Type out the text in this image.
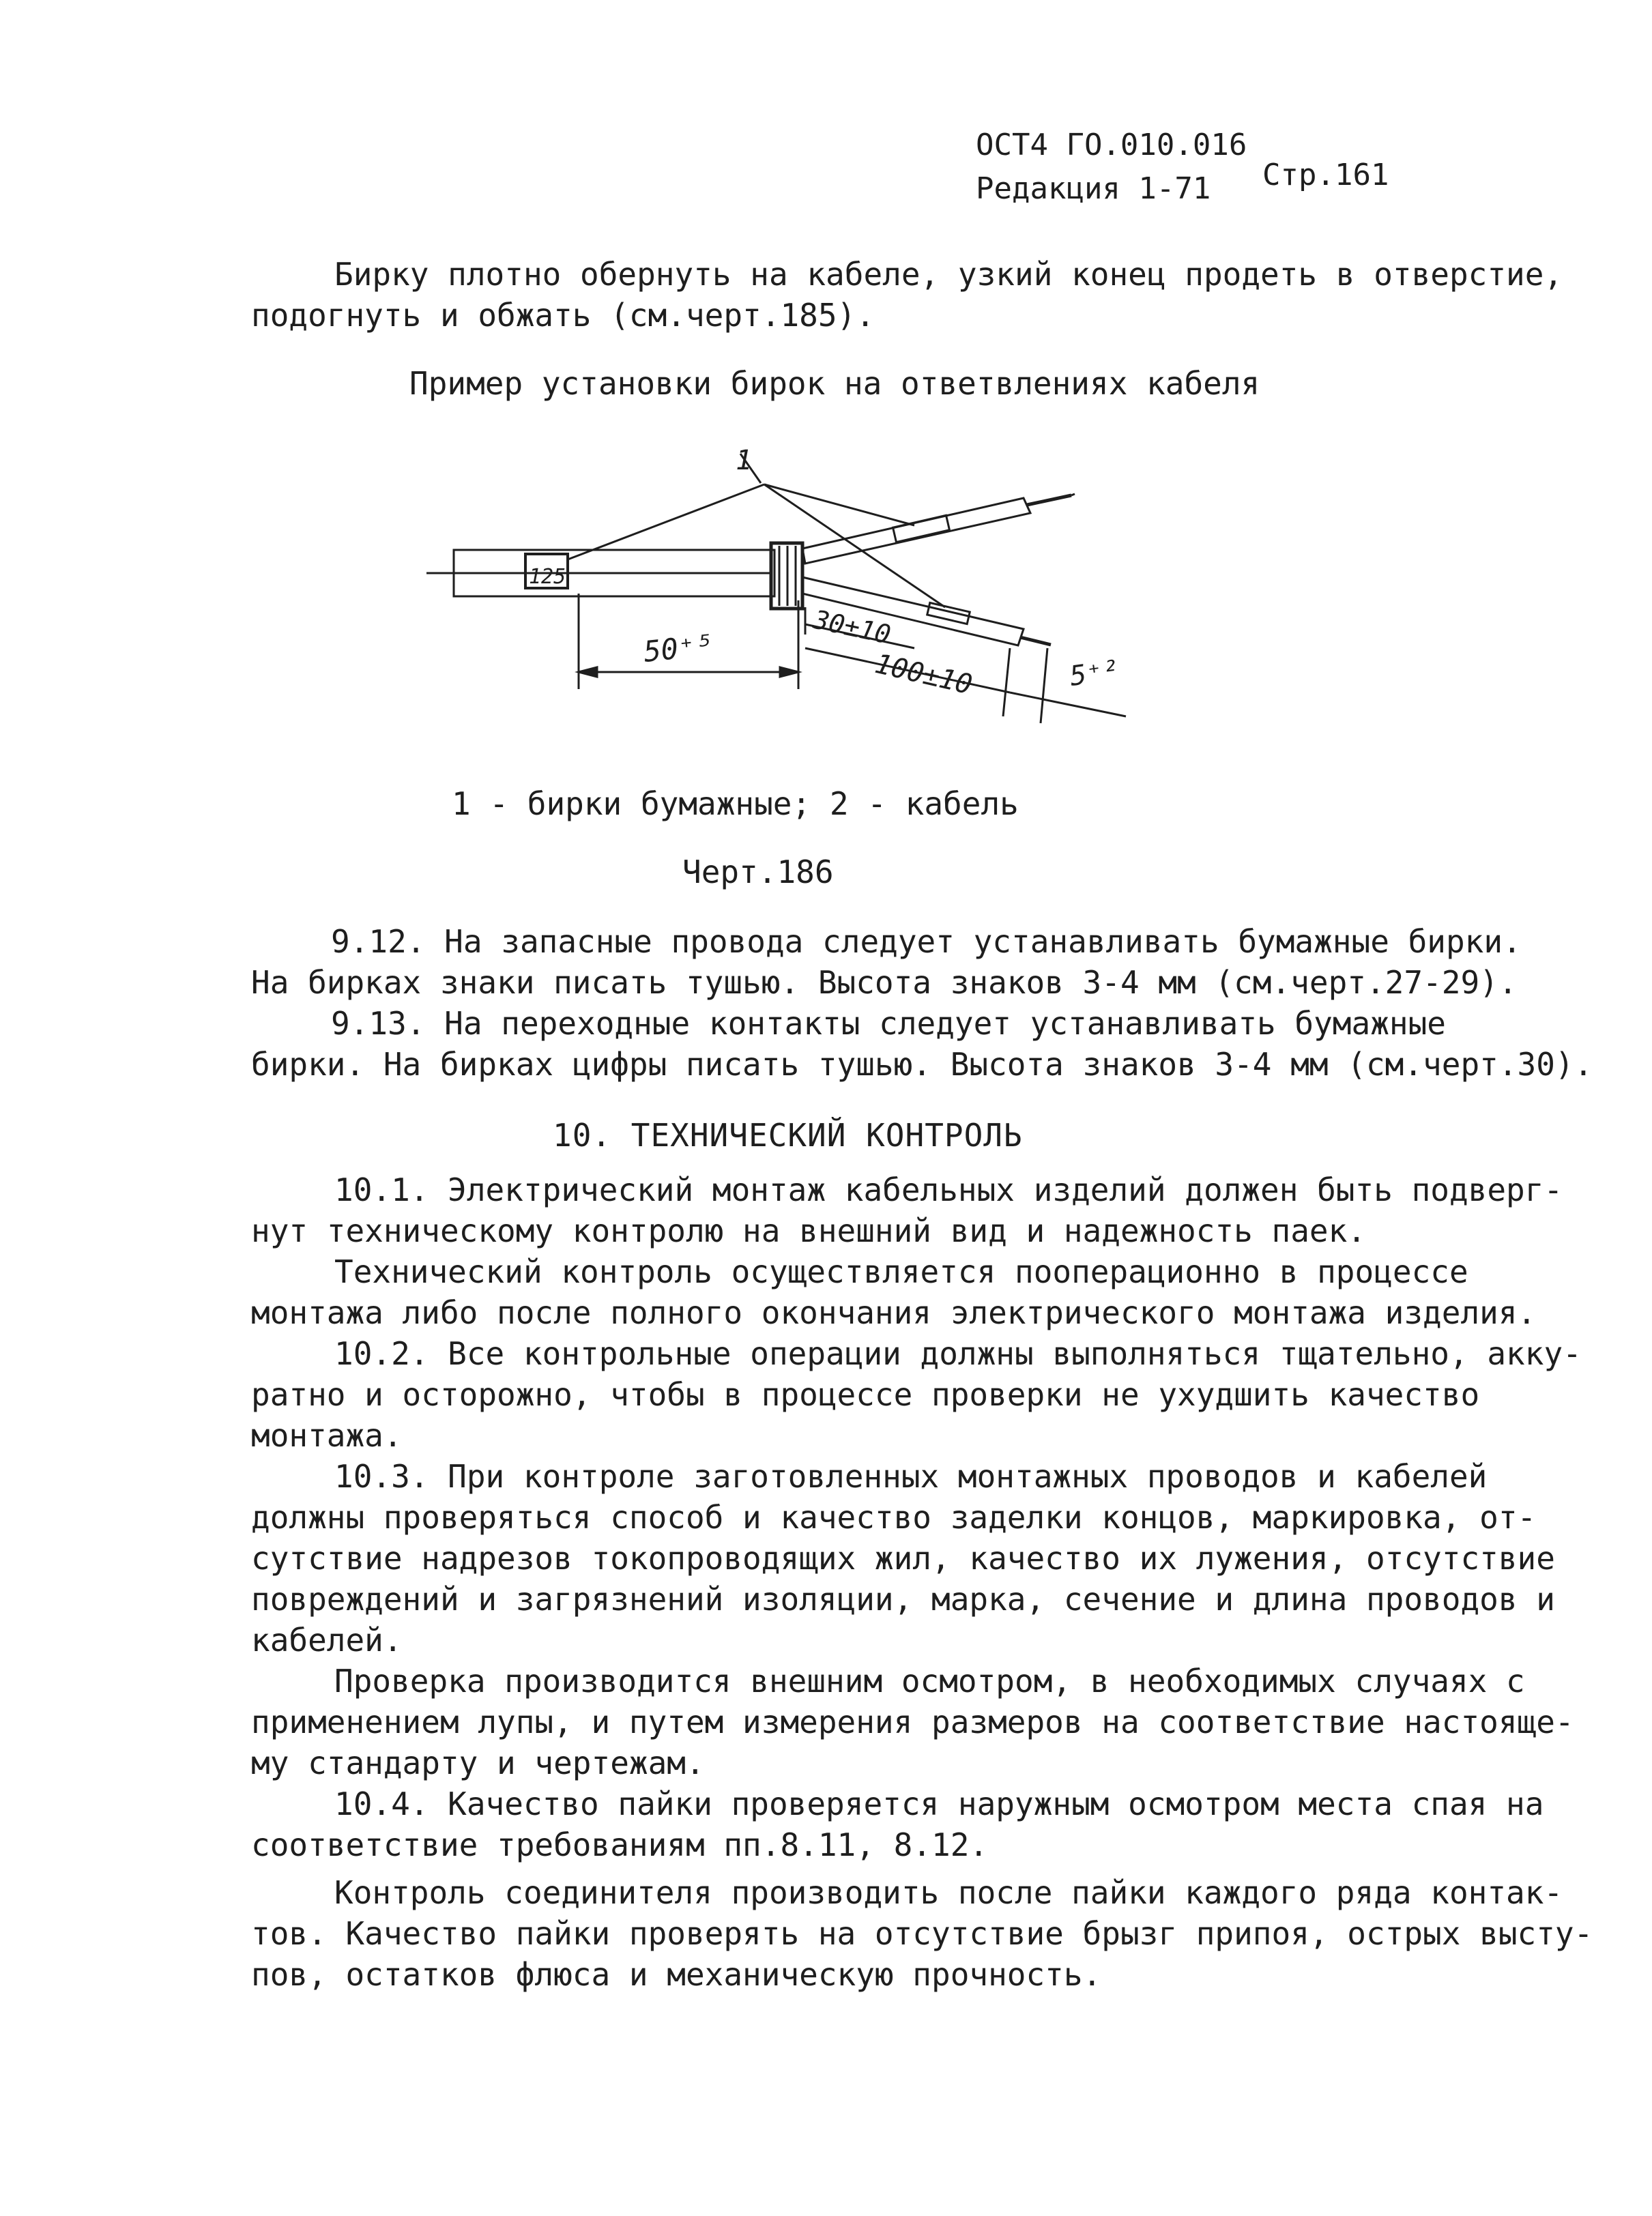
ОСТ4 ГО.010.016
Редакция 1-71 Стр.161
Бирку плотно обернуть на кабеле, узкий конец продеть в отверстие,
подогнуть и обжать (см.черт.185).
Пример установки бирок на ответвлениях кабеля
1
125
50⁺⁵	30±10
100±10	5⁺²
1 - бирки бумажные; 2 - кабель
Черт.186
9.12. На запасные провода следует устанавливать бумажные бирки.
На бирках знаки писать тушью. Высота знаков 3-4 мм (см.черт.27-29).
9.13. На переходные контакты следует устанавливать бумажные
бирки. На бирках цифры писать тушью. Высота знаков 3-4 мм (см.черт.30).
10. ТЕХНИЧЕСКИЙ КОНТРОЛЬ
10.1. Электрический монтаж кабельных изделий должен быть подверг-
нут техническому контролю на внешний вид и надежность паек.
Технический контроль осуществляется пооперационно в процессе
монтажа либо после полного окончания электрического монтажа изделия.
10.2. Все контрольные операции должны выполняться тщательно, акку-
ратно и осторожно, чтобы в процессе проверки не ухудшить качество
монтажа.
10.3. При контроле заготовленных монтажных проводов и кабелей
должны проверяться способ и качество заделки концов, маркировка, от-
сутствие надрезов токопроводящих жил, качество их лужения, отсутствие
повреждений и загрязнений изоляции, марка, сечение и длина проводов и
кабелей.
Проверка производится внешним осмотром, в необходимых случаях с
применением лупы, и путем измерения размеров на соответствие настояще-
му стандарту и чертежам.
10.4. Качество пайки проверяется наружным осмотром места спая на
соответствие требованиям пп.8.11, 8.12.
Контроль соединителя производить после пайки каждого ряда контак-
тов. Качество пайки проверять на отсутствие брызг припоя, острых высту-
пов, остатков флюса и механическую прочность.
